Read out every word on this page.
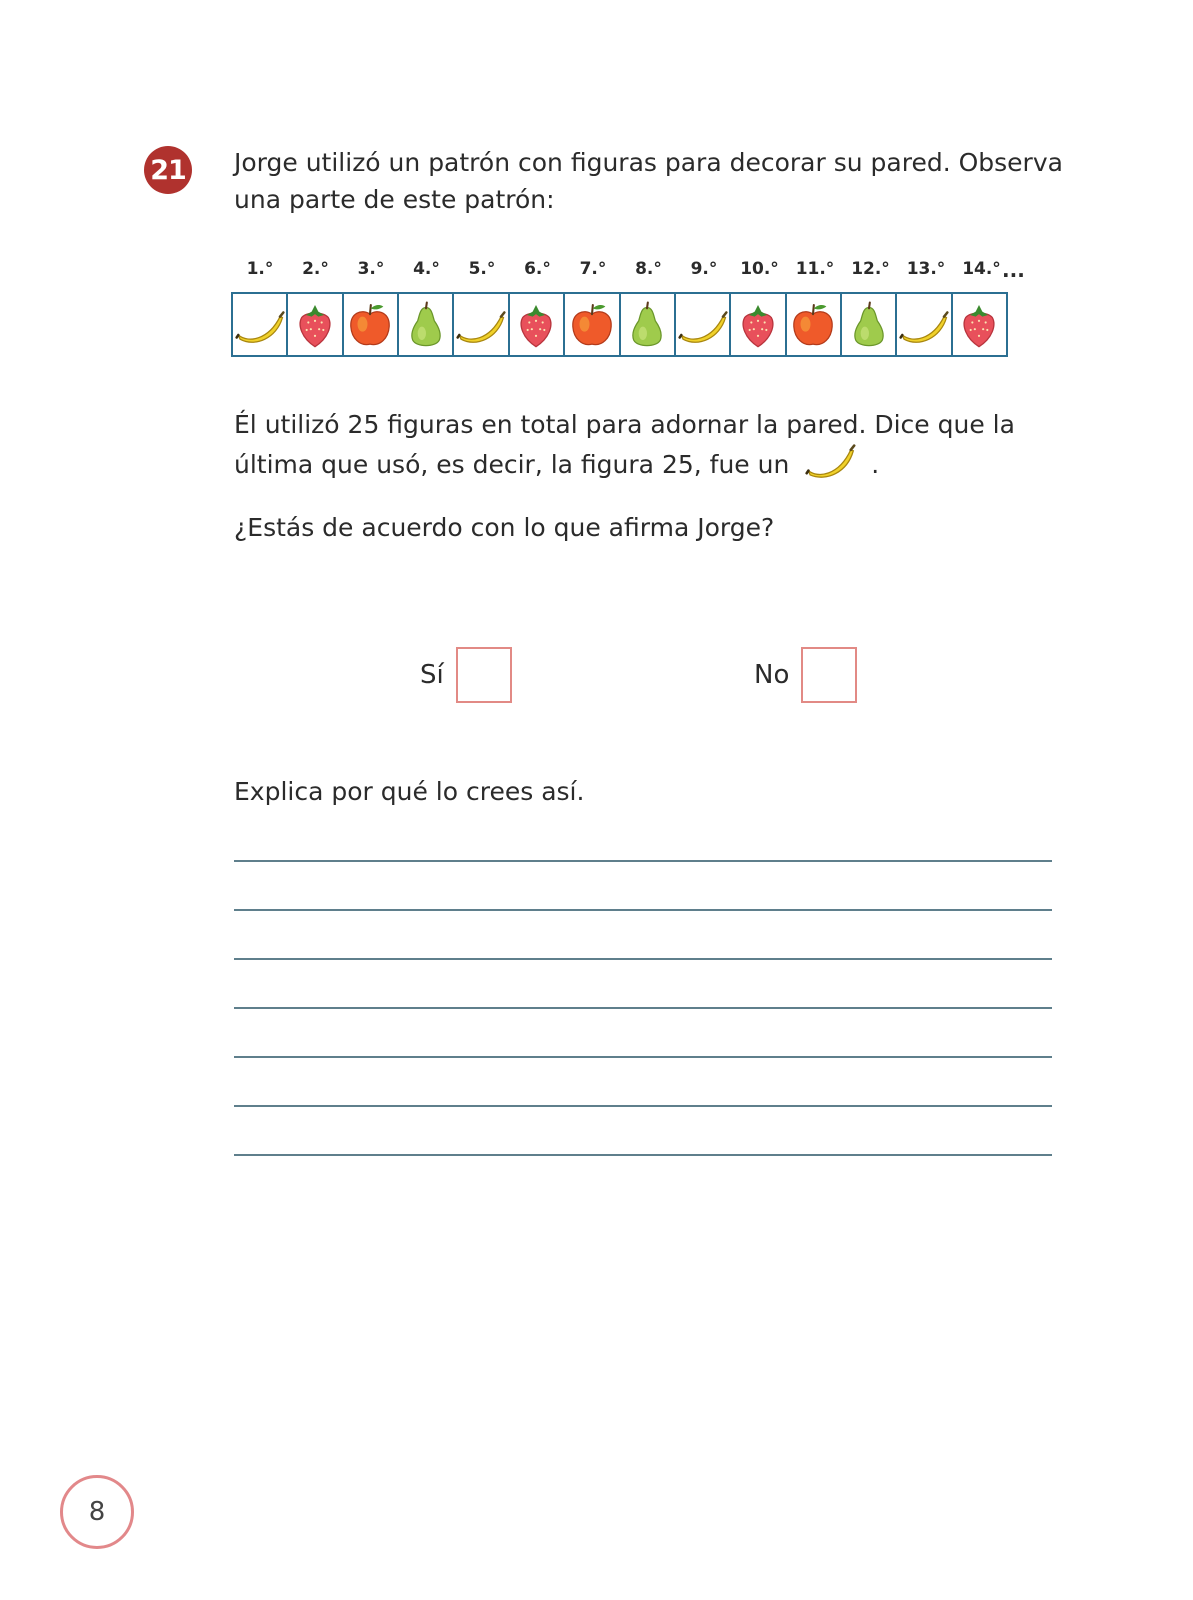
21 Jorge utilizó un patrón con figuras para decorar su pared. Observa una parte de este patrón:

1.°	2.°	3.°	4.°	5.°	6.°	7.°	8.°	9.°	10.° 11.° 12.° 13.° 14.° ...

Él utilizó 25 figuras en total para adornar la pared. Dice que la última que usó, es decir, la figura 25, fue un	.

¿Estás de acuerdo con lo que afirma Jorge?

Sí	No

Explica por qué lo crees así.

8
